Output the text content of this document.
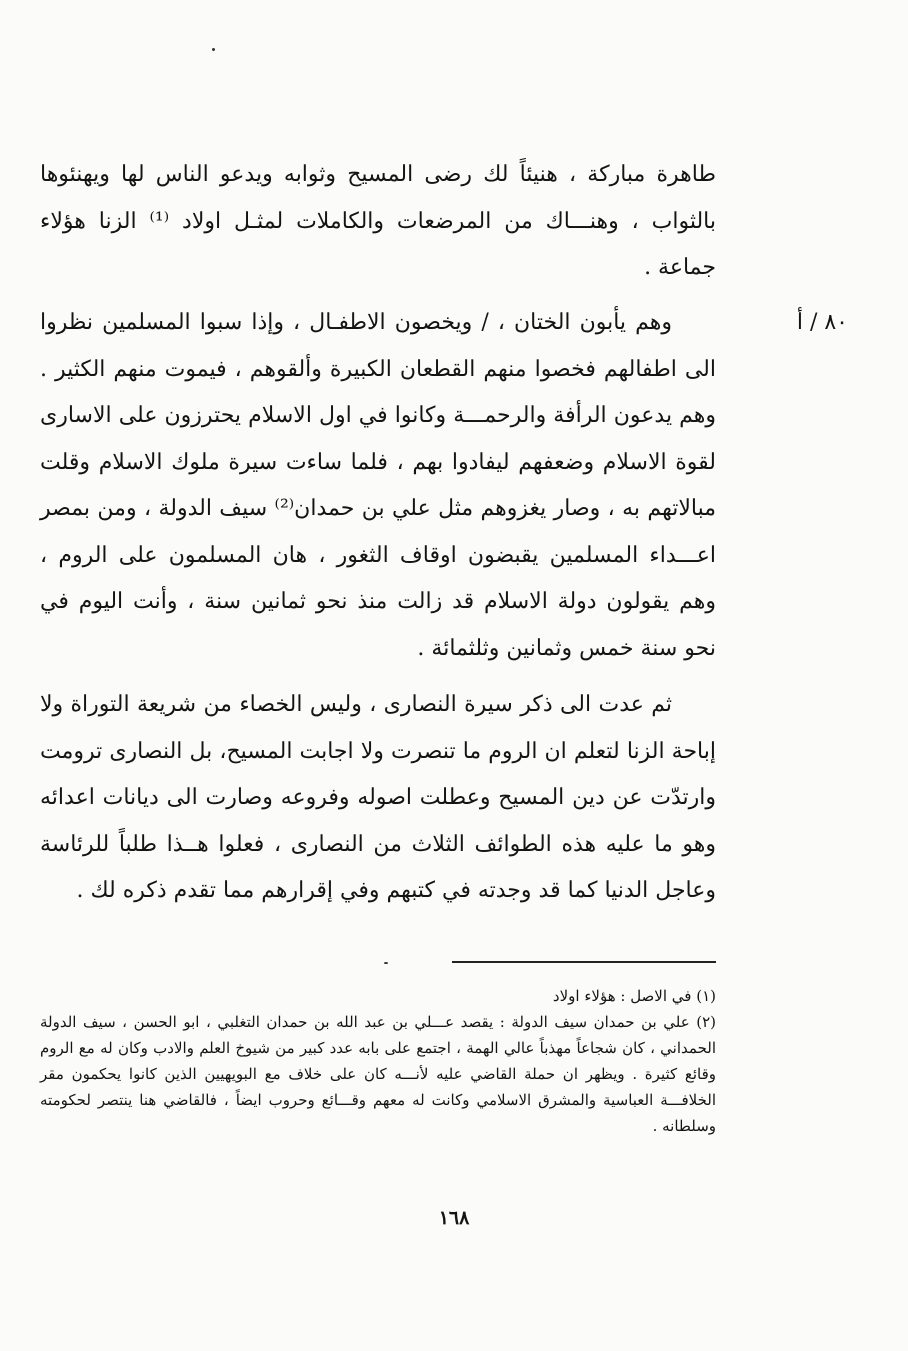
٨٠ / أ

طاهرة مباركة ، هنيئاً لك رضى المسيح وثوابه ويدعو الناس لها ويهنئوها بالثواب ، وهنـــاك من المرضعات والكاملات لمثـل اولاد ⁽¹⁾ الزنا هؤلاء جماعة .

وهم يأبون الختان ، / ويخصون الاطفـال ، وإذا سبوا المسلمين نظروا الى اطفالهم فخصوا منهم القطعان الكبيرة وألقوهم ، فيموت منهم الكثير . وهم يدعون الرأفة والرحمـــة وكانوا في اول الاسلام يحترزون على الاسارى لقوة الاسلام وضعفهم ليفادوا بهم ، فلما ساءت سيرة ملوك الاسلام وقلت مبالاتهم به ، وصار يغزوهم مثل علي بن حمدان⁽²⁾ سيف الدولة ، ومن بمصر اعـــداء المسلمين يقبضون اوقاف الثغور ، هان المسلمون على الروم ، وهم يقولون دولة الاسلام قد زالت منذ نحو ثمانين سنة ، وأنت اليوم في نحو سنة خمس وثمانين وثلثمائة .

ثم عدت الى ذكر سيرة النصارى ، وليس الخصاء من شريعة التوراة ولا إباحة الزنا لتعلم ان الروم ما تنصرت ولا اجابت المسيح، بل النصارى ترومت وارتدّت عن دين المسيح وعطلت اصوله وفروعه وصارت الى ديانات اعدائه وهو ما عليه هذه الطوائف الثلاث من النصارى ، فعلوا هــذا طلباً للرئاسة وعاجل الدنيا كما قد وجدته في كتبهم وفي إقرارهم مما تقدم ذكره لك .

(١) في الاصل : هؤلاء اولاد

(٢) علي بن حمدان سيف الدولة : يقصد عـــلي بن عبد الله بن حمدان التغلبي ، ابو الحسن ، سيف الدولة الحمداني ، كان شجاعاً مهذباً عالي الهمة ، اجتمع على بابه عدد كبير من شيوخ العلم والادب وكان له مع الروم وقائع كثيرة . ويظهر ان حملة القاضي عليه لأنـــه كان على خلاف مع البويهيين الذين كانوا يحكمون مقر الخلافـــة العباسية والمشرق الاسلامي وكانت له معهم وقـــائع وحروب ايضاً ، فالقاضي هنا ينتصر لحكومته وسلطانه .

١٦٨
